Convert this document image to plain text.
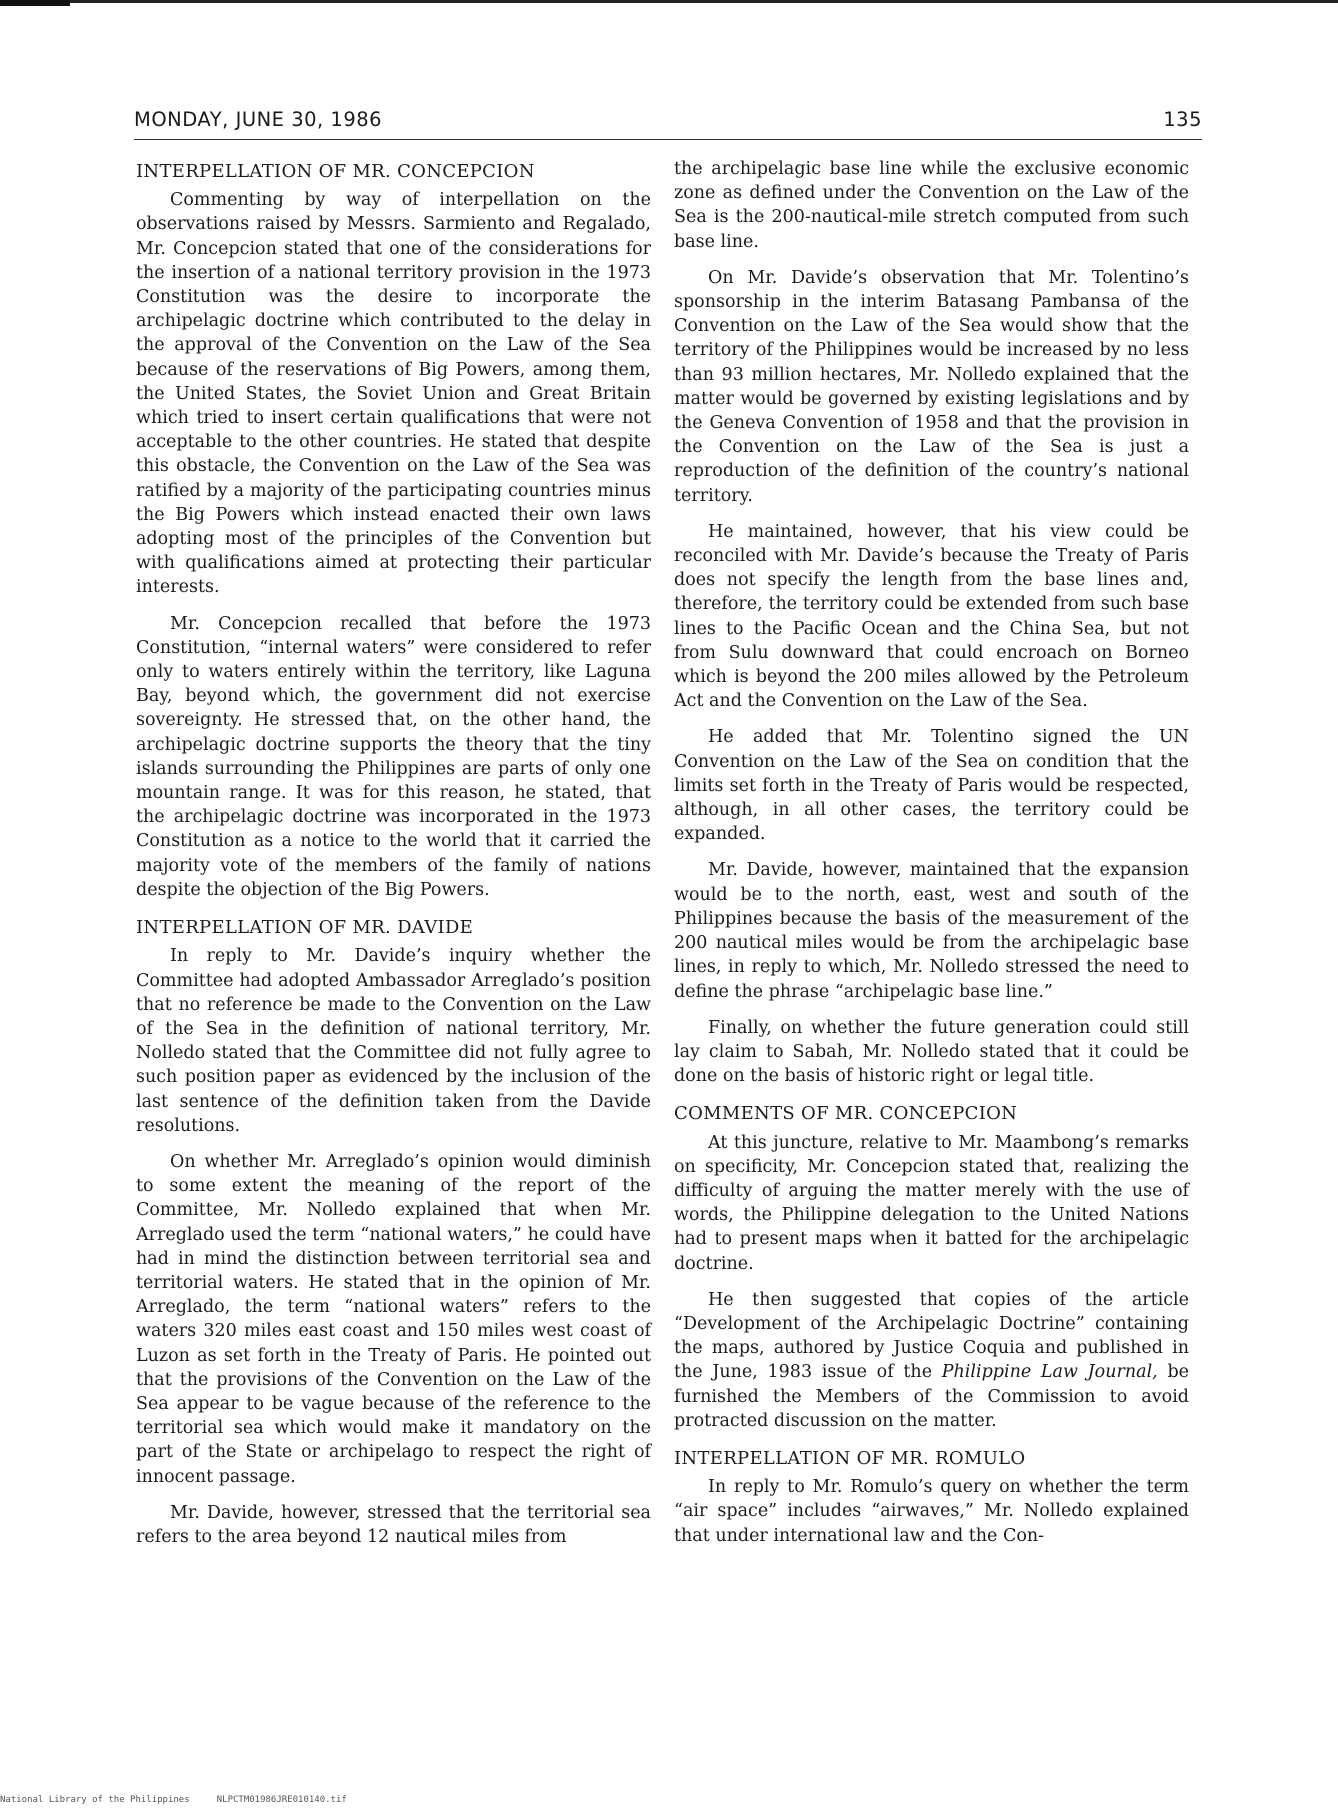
MONDAY, JUNE 30, 1986	135
INTERPELLATION OF MR. CONCEPCION

Commenting by way of interpellation on the observations raised by Messrs. Sarmiento and Regalado, Mr. Concepcion stated that one of the considerations for the insertion of a national territory provision in the 1973 Constitution was the desire to incorporate the archipelagic doctrine which contributed to the delay in the approval of the Convention on the Law of the Sea because of the reservations of Big Powers, among them, the United States, the Soviet Union and Great Britain which tried to insert certain qualifications that were not acceptable to the other countries. He stated that despite this obstacle, the Convention on the Law of the Sea was ratified by a majority of the participating countries minus the Big Powers which instead enacted their own laws adopting most of the principles of the Convention but with qualifications aimed at protecting their particular interests.

Mr. Concepcion recalled that before the 1973 Constitution, “internal waters” were considered to refer only to waters entirely within the territory, like Laguna Bay, beyond which, the government did not exercise sovereignty. He stressed that, on the other hand, the archipelagic doctrine supports the theory that the tiny islands surrounding the Philippines are parts of only one mountain range. It was for this reason, he stated, that the archipelagic doctrine was incorporated in the 1973 Constitution as a notice to the world that it carried the majority vote of the members of the family of nations despite the objection of the Big Powers.

INTERPELLATION OF MR. DAVIDE

In reply to Mr. Davide’s inquiry whether the Committee had adopted Ambassador Arreglado’s position that no reference be made to the Convention on the Law of the Sea in the definition of national territory, Mr. Nolledo stated that the Committee did not fully agree to such position paper as evidenced by the inclusion of the last sentence of the definition taken from the Davide resolutions.

On whether Mr. Arreglado’s opinion would diminish to some extent the meaning of the report of the Committee, Mr. Nolledo explained that when Mr. Arreglado used the term “national waters,” he could have had in mind the distinction between territorial sea and territorial waters. He stated that in the opinion of Mr. Arreglado, the term “national waters” refers to the waters 320 miles east coast and 150 miles west coast of Luzon as set forth in the Treaty of Paris. He pointed out that the provisions of the Convention on the Law of the Sea appear to be vague because of the reference to the territorial sea which would make it mandatory on the part of the State or archipelago to respect the right of innocent passage.

Mr. Davide, however, stressed that the territorial sea refers to the area beyond 12 nautical miles from

the archipelagic base line while the exclusive economic zone as defined under the Convention on the Law of the Sea is the 200-nautical-mile stretch computed from such base line.

On Mr. Davide’s observation that Mr. Tolentino’s sponsorship in the interim Batasang Pambansa of the Convention on the Law of the Sea would show that the territory of the Philippines would be increased by no less than 93 million hectares, Mr. Nolledo explained that the matter would be governed by existing legislations and by the Geneva Convention of 1958 and that the provision in the Convention on the Law of the Sea is just a reproduction of the definition of the country’s national territory.

He maintained, however, that his view could be reconciled with Mr. Davide’s because the Treaty of Paris does not specify the length from the base lines and, therefore, the territory could be extended from such base lines to the Pacific Ocean and the China Sea, but not from Sulu downward that could encroach on Borneo which is beyond the 200 miles allowed by the Petroleum Act and the Convention on the Law of the Sea.

He added that Mr. Tolentino signed the UN Convention on the Law of the Sea on condition that the limits set forth in the Treaty of Paris would be respected, although, in all other cases, the territory could be expanded.

Mr. Davide, however, maintained that the expansion would be to the north, east, west and south of the Philippines because the basis of the measurement of the 200 nautical miles would be from the archipelagic base lines, in reply to which, Mr. Nolledo stressed the need to define the phrase “archipelagic base line.”

Finally, on whether the future generation could still lay claim to Sabah, Mr. Nolledo stated that it could be done on the basis of historic right or legal title.

COMMENTS OF MR. CONCEPCION

At this juncture, relative to Mr. Maambong’s remarks on specificity, Mr. Concepcion stated that, realizing the difficulty of arguing the matter merely with the use of words, the Philippine delegation to the United Nations had to present maps when it batted for the archipelagic doctrine.

He then suggested that copies of the article “Development of the Archipelagic Doctrine” containing the maps, authored by Justice Coquia and published in the June, 1983 issue of the Philippine Law Journal, be furnished the Members of the Commission to avoid protracted discussion on the matter.

INTERPELLATION OF MR. ROMULO

In reply to Mr. Romulo’s query on whether the term “air space” includes “airwaves,” Mr. Nolledo explained that under international law and the Con-

National Library of the Philippines     NLPCTM01986JRE010140.tif
